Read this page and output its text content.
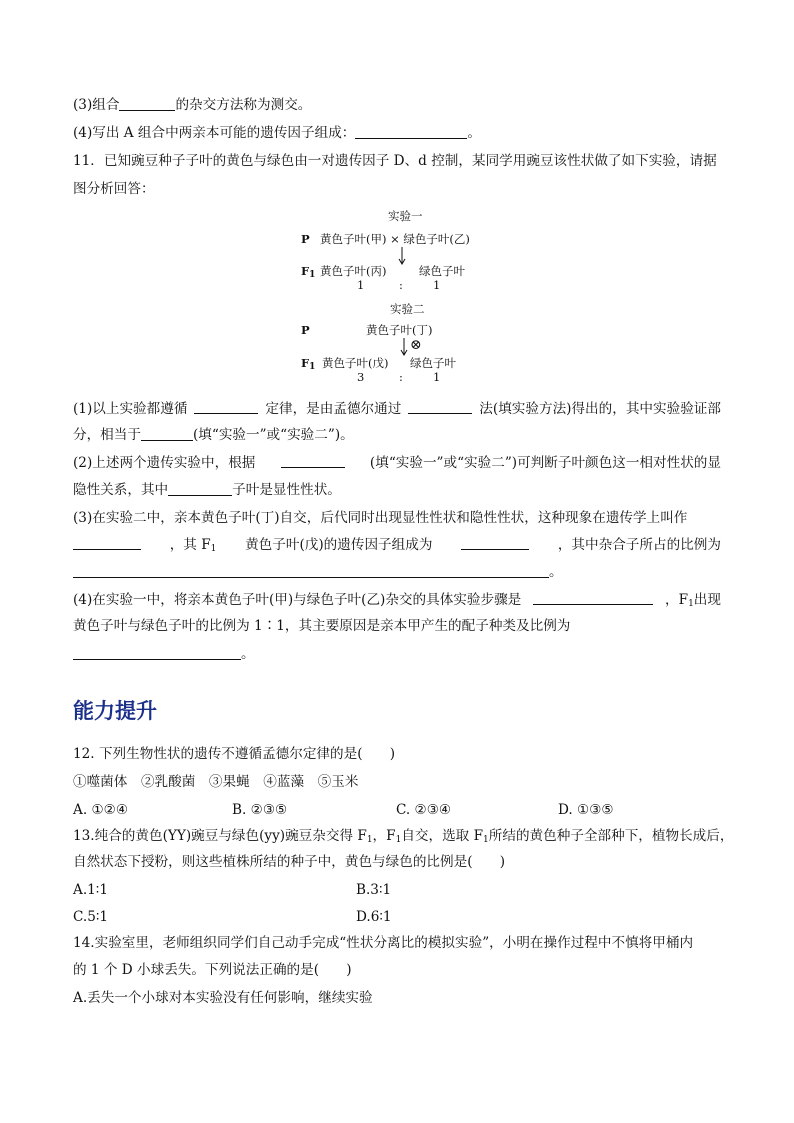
(3)组合	的杂交方法称为测交。
(4)写出 A 组合中两亲本可能的遗传因子组成：	。
11．已知豌豆种子子叶的黄色与绿色由一对遗传因子 D、d 控制，某同学用豌豆该性状做了如下实验，请据
图分析回答：
实验一
P 黄色子叶(甲) × 绿色子叶(乙)
$F_1$ 黄色子叶(丙)	绿色子叶
1	:	1
实验二
P	黄色子叶(丁)
⊗
$F_1$ 黄色子叶(戊) 绿色子叶
3	:	1
(1)以上实验都遵循	定律，是由孟德尔通过	法(填实验方法)得出的，其中实验验证部
分，相当于	(填“实验一”或“实验二”)。
(2)上述两个遗传实验中，根据	(填“实验一”或“实验二”)可判断子叶颜色这一相对性状的显
隐性关系，其中	子叶是显性性状。
(3)在实验二中，亲本黄色子叶(丁)自交，后代同时出现显性性状和隐性性状，这种现象在遗传学上叫作
，其 $F_1$ 黄色子叶(戊)的遗传因子组成为	，其中杂合子所占的比例为
。
(4)在实验一中，将亲本黄色子叶(甲)与绿色子叶(乙)杂交的具体实验步骤是	，$F_1$出现
黄色子叶与绿色子叶的比例为 1∶1，其主要原因是亲本甲产生的配子种类及比例为
。
能力提升
12. 下列生物性状的遗传不遵循孟德尔定律的是(　　)
①噬菌体　②乳酸菌　③果蝇　④蓝藻　⑤玉米
A. ①②④	B. ②③⑤	C. ②③④	D. ①③⑤
13.纯合的黄色(YY)豌豆与绿色(yy)豌豆杂交得 $F_1$，$F_1$自交，选取 $F_1$所结的黄色种子全部种下，植物长成后，
自然状态下授粉，则这些植株所结的种子中，黄色与绿色的比例是(　　)
A.1∶1	B.3∶1
C.5∶1	D.6∶1
14.实验室里，老师组织同学们自己动手完成“性状分离比的模拟实验”，小明在操作过程中不慎将甲桶内
的 1 个 D 小球丢失。下列说法正确的是(　　)
A.丢失一个小球对本实验没有任何影响，继续实验
